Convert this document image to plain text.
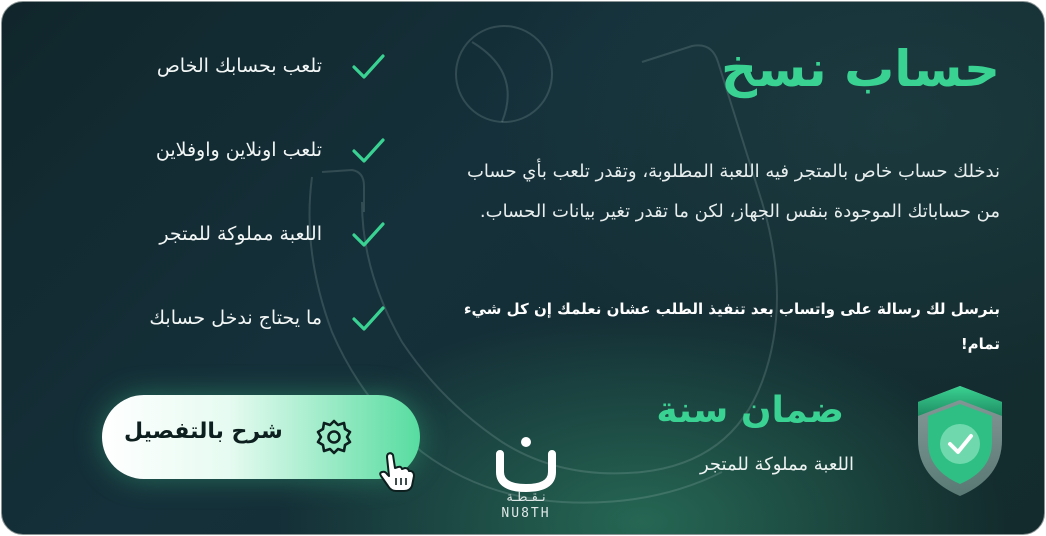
حساب نسخ

ندخلك حساب خاص بالمتجر فيه اللعبة المطلوبة، وتقدر تلعب بأي حساب من حساباتك الموجودة بنفس الجهاز، لكن ما تقدر تغير بيانات الحساب.

بنرسل لك رسالة على واتساب بعد تنفيذ الطلب عشان نعلمك إن كل شيء تمام!

تلعب بحسابك الخاص
تلعب اونلاين واوفلاين
اللعبة مملوكة للمتجر
ما يحتاج ندخل حسابك
ضمان سنة

اللعبة مملوكة للمتجر

شرح بالتفصيل
نـقـطـة
NU8TH
